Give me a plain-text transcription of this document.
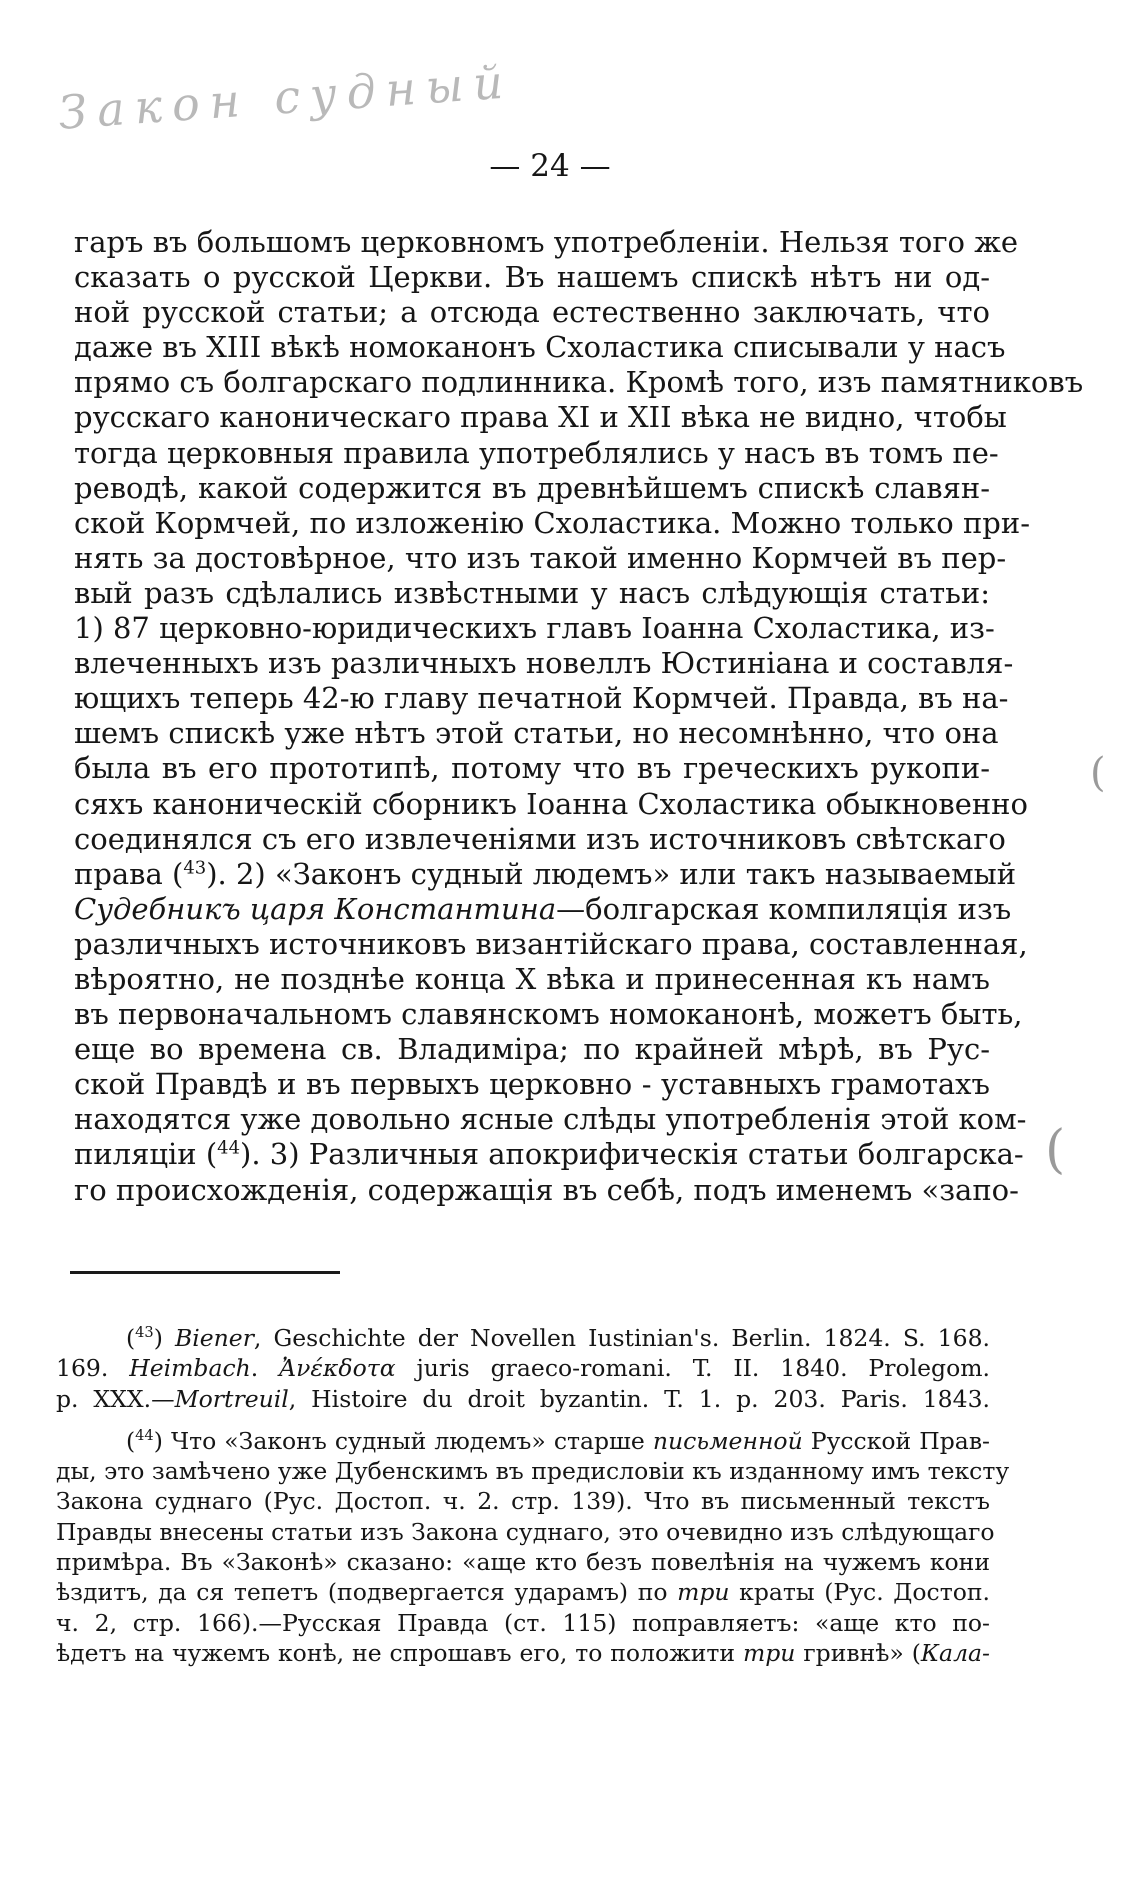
Закон судный
— 24 —
гаръ въ большомъ церковномъ употребленіи. Нельзя того же
сказать о русской Церкви. Въ нашемъ спискѣ нѣтъ ни од-
ной русской статьи; а отсюда естественно заключать, что
даже въ XIII вѣкѣ номоканонъ Схоластика списывали у насъ
прямо съ болгарскаго подлинника. Кромѣ того, изъ памятниковъ
русскаго каноническаго права XI и XII вѣка не видно, чтобы
тогда церковныя правила употреблялись у насъ въ томъ пе-
реводѣ, какой содержится въ древнѣйшемъ спискѣ славян-
ской Кормчей, по изложенію Схоластика. Можно только при-
нять за достовѣрное, что изъ такой именно Кормчей въ пер-
вый разъ сдѣлались извѣстными у насъ слѣдующія статьи:
1) 87 церковно-юридическихъ главъ Іоанна Схоластика, из-
влеченныхъ изъ различныхъ новеллъ Юстиніана и составля-
ющихъ теперь 42-ю главу печатной Кормчей. Правда, въ на-
шемъ спискѣ уже нѣтъ этой статьи, но несомнѣнно, что она
была въ его прототипѣ, потому что въ греческихъ рукопи-
сяхъ каноническій сборникъ Іоанна Схоластика обыкновенно
соединялся съ его извлеченіями изъ источниковъ свѣтскаго
права ($^{43}$). 2) «Законъ судный людемъ» или такъ называемый
Судебникъ царя Константина—болгарская компиляція изъ
различныхъ источниковъ византійскаго права, составленная,
вѣроятно, не позднѣе конца X вѣка и принесенная къ намъ
въ первоначальномъ славянскомъ номоканонѣ, можетъ быть,
еще во времена св. Владиміра; по крайней мѣрѣ, въ Рус-
ской Правдѣ и въ первыхъ церковно - уставныхъ грамотахъ
находятся уже довольно ясные слѣды употребленія этой ком-
пиляціи ($^{44}$). 3) Различныя апокрифическія статьи болгарска-
го происхожденія, содержащія въ себѣ, подъ именемъ «запо-
($^{43}$) Biener, Geschichte der Novellen Iustinian's. Berlin. 1824. S. 168.
169. Heimbach. Ἀνέκδοτα juris graeco-romani. T. II. 1840. Prolegom.
p. XXX.—Mortreuil, Histoire du droit byzantin. T. 1. p. 203. Paris. 1843.
($^{44}$) Что «Законъ судный людемъ» старше письменной Русской Прав-
ды, это замѣчено уже Дубенскимъ въ предисловіи къ изданному имъ тексту
Закона суднаго (Рус. Достоп. ч. 2. стр. 139). Что въ письменный текстъ
Правды внесены статьи изъ Закона суднаго, это очевидно изъ слѣдующаго
примѣра. Въ «Законѣ» сказано: «аще кто безъ повелѣнія на чужемъ кони
ѣздитъ, да ся тепетъ (подвергается ударамъ) по три краты (Рус. Достоп.
ч. 2, стр. 166).—Русская Правда (ст. 115) поправляетъ: «аще кто по-
ѣдетъ на чужемъ конѣ, не спрошавъ его, то положити три гривнѣ» (Кала-
(
(
